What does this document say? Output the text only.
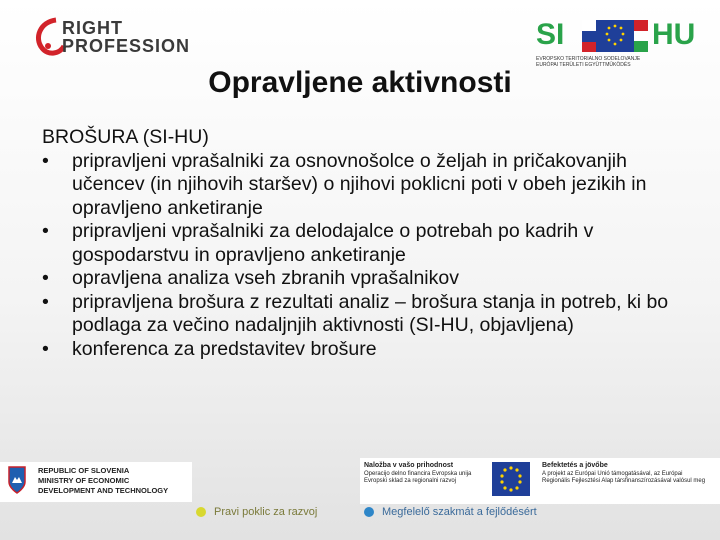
RIGHT
PROFESSION	SI	HU
EVROPSKO TERITORIALNO SODELOVANJE
EURÓPAI TERÜLETI EGYÜTTMŰKÖDÉS
Opravljene aktivnosti

BROŠURA (SI-HU)

• pripravljeni vprašalniki za osnovnošolce o željah in pričakovanjih učencev (in njihovih staršev) o njihovi poklicni poti v obeh jezikih in opravljeno anketiranje
• pripravljeni vprašalniki za delodajalce o potrebah po kadrih v gospodarstvu in opravljeno anketiranje
• opravljena analiza vseh zbranih vprašalnikov
• pripravljena brošura z rezultati analiz – brošura stanja in potreb, ki bo podlaga za večino nadaljnjih aktivnosti (SI-HU, objavljena)
• konferenca za predstavitev brošure
REPUBLIC OF SLOVENIA
MINISTRY OF ECONOMIC
DEVELOPMENT AND TECHNOLOGY
Naložba v vašo prihodnost
Operacijo delno financira Evropska unija
Evropski sklad za regionalni razvoj
Befektetés a jövőbe
A projekt az Európai Unió támogatásával, az Európai
Regionális Fejlesztési Alap társfinanszírozásával valósul meg
Pravi poklic za razvoj	Megfelelő szakmát a fejlődésért
